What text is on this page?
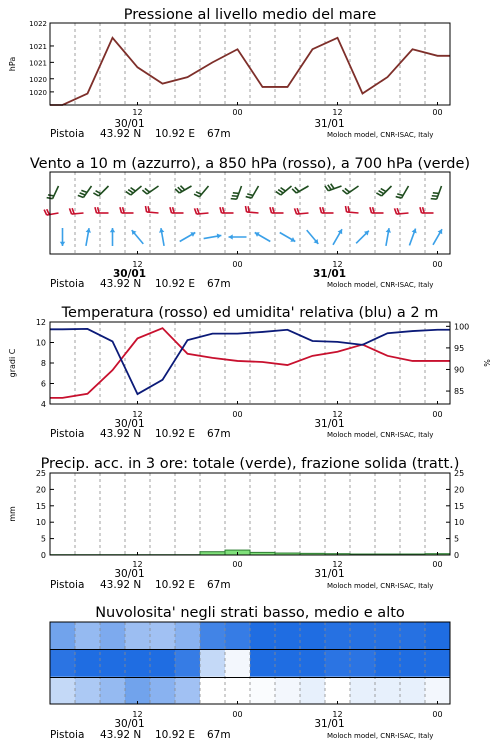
Pressione al livello medio del mare
hPa
1020
1020
1021
1021
1022
12	00	12	00
30/01	31/01
Pistoia 43.92 N 10.92 E 67m	Moloch model, CNR-ISAC, Italy
Vento a 10 m (azzurro), a 850 hPa (rosso), a 700 hPa (verde)
12	00	12	00
30/01	31/01
Pistoia 43.92 N 10.92 E 67m	Moloch model, CNR-ISAC, Italy
Temperatura (rosso) ed umidita' relativa (blu) a 2 m
gradi C	%
4
6
8
10
12
85
90
95
100
12	00	12	00
30/01	31/01
Pistoia 43.92 N 10.92 E 67m	Moloch model, CNR-ISAC, Italy
Precip. acc. in 3 ore: totale (verde), frazione solida (tratt.)
mm
0
5
10
15
20
25
0
5
10
15
20
25
12	00	12	00
30/01	31/01
Pistoia 43.92 N 10.92 E 67m	Moloch model, CNR-ISAC, Italy
Nuvolosita' negli strati basso, medio e alto
12	00	12	00
30/01	31/01
Pistoia 43.92 N 10.92 E 67m	Moloch model, CNR-ISAC, Italy
